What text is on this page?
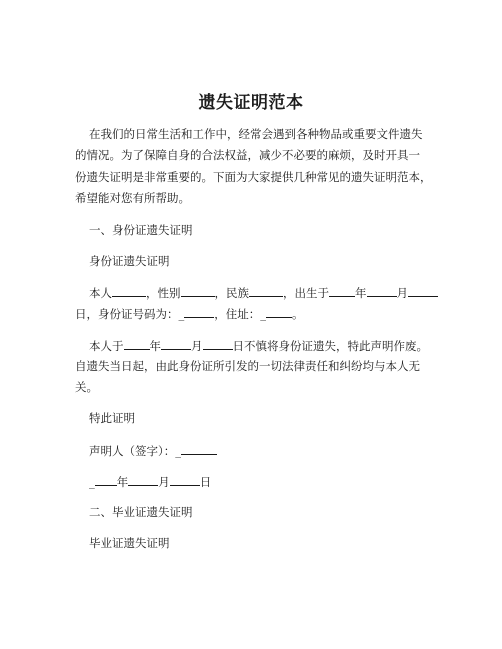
遗失证明范本
在我们的日常生活和工作中，经常会遇到各种物品或重要文件遗失
的情况。为了保障自身的合法权益，减少不必要的麻烦，及时开具一
份遗失证明是非常重要的。下面为大家提供几种常见的遗失证明范本，
希望能对您有所帮助。
一、身份证遗失证明
身份证遗失证明
本人	，性别	，民族	，出生于 年	月
日，身份证号码为：_	，住址：_ 。
本人于 年	月	日不慎将身份证遗失，特此声明作废。
自遗失当日起，由此身份证所引发的一切法律责任和纠纷均与本人无
关。
特此证明
声明人（签字）：_
_ 年	月	日
二、毕业证遗失证明
毕业证遗失证明
